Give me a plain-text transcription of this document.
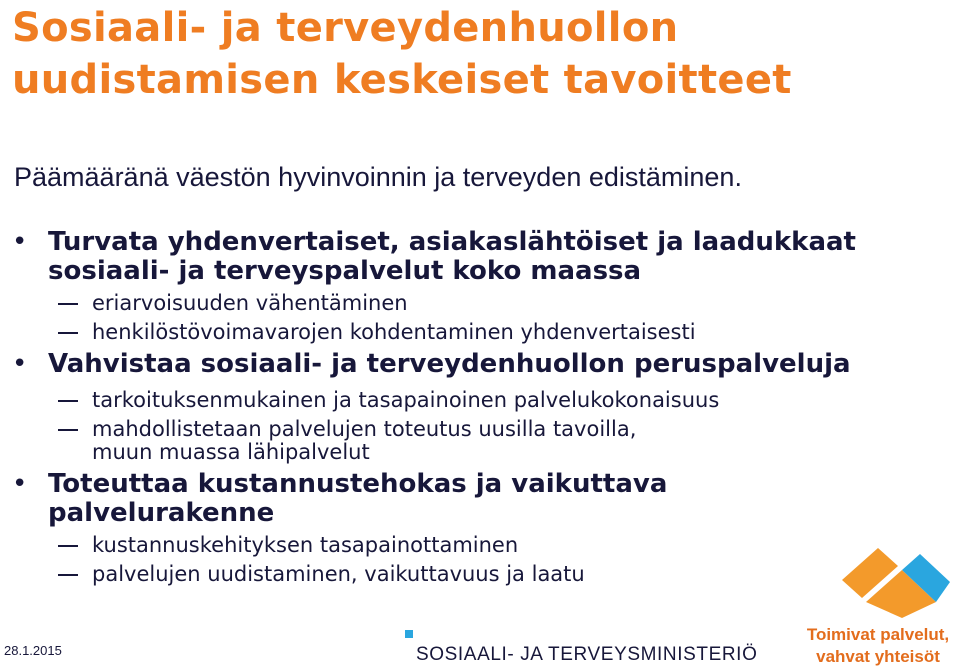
Sosiaali- ja terveydenhuollon
uudistamisen keskeiset tavoitteet
Päämääränä väestön hyvinvoinnin ja terveyden edistäminen.
• Turvata yhdenvertaiset, asiakaslähtöiset ja laadukkaat
sosiaali- ja terveyspalvelut koko maassa
eriarvoisuuden vähentäminen
henkilöstövoimavarojen kohdentaminen yhdenvertaisesti
• Vahvistaa sosiaali- ja terveydenhuollon peruspalveluja
tarkoituksenmukainen ja tasapainoinen palvelukokonaisuus
mahdollistetaan palvelujen toteutus uusilla tavoilla,
muun muassa lähipalvelut
• Toteuttaa kustannustehokas ja vaikuttava
palvelurakenne
kustannuskehityksen tasapainottaminen
palvelujen uudistaminen, vaikuttavuus ja laatu
28.1.2015	SOSIAALI- JA TERVEYSMINISTERIÖ
Toimivat palvelut,
vahvat yhteisöt
